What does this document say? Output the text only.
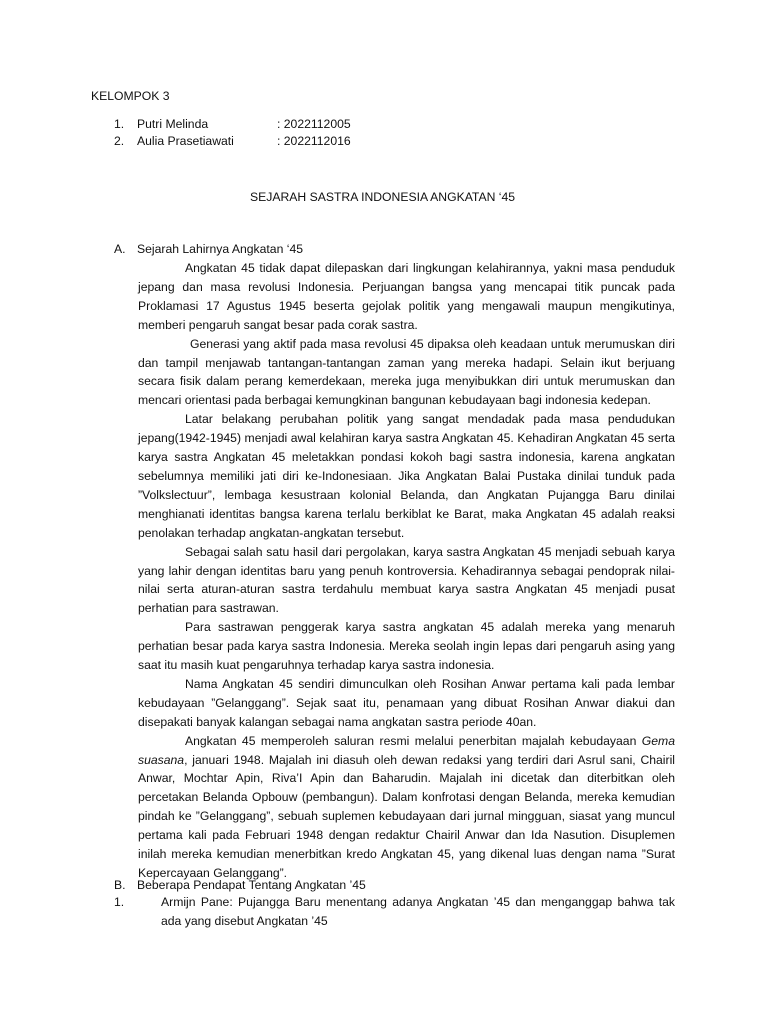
KELOMPOK 3
1. Putri Melinda	: 2022112005
2. Aulia Prasetiawati	: 2022112016
SEJARAH SASTRA INDONESIA ANGKATAN ‘45
A. Sejarah Lahirnya Angkatan ‘45

Angkatan 45 tidak dapat dilepaskan dari lingkungan kelahirannya, yakni masa penduduk jepang dan masa revolusi Indonesia. Perjuangan bangsa yang mencapai titik puncak pada Proklamasi 17 Agustus 1945 beserta gejolak politik yang mengawali maupun mengikutinya, memberi pengaruh sangat besar pada corak sastra.

Generasi yang aktif pada masa revolusi 45 dipaksa oleh keadaan untuk merumuskan diri dan tampil menjawab tantangan-tantangan zaman yang mereka hadapi. Selain ikut berjuang secara fisik dalam perang kemerdekaan, mereka juga menyibukkan diri untuk merumuskan dan mencari orientasi pada berbagai kemungkinan bangunan kebudayaan bagi indonesia kedepan.

Latar belakang perubahan politik yang sangat mendadak pada masa pendudukan jepang(1942-1945) menjadi awal kelahiran karya sastra Angkatan 45. Kehadiran Angkatan 45 serta karya sastra Angkatan 45 meletakkan pondasi kokoh bagi sastra indonesia, karena angkatan sebelumnya memiliki jati diri ke-Indonesiaan. Jika Angkatan Balai Pustaka dinilai tunduk pada ”Volkslectuur”, lembaga kesustraan kolonial Belanda, dan Angkatan Pujangga Baru dinilai menghianati identitas bangsa karena terlalu berkiblat ke Barat, maka Angkatan 45 adalah reaksi penolakan terhadap angkatan-angkatan tersebut.

Sebagai salah satu hasil dari pergolakan, karya sastra Angkatan 45 menjadi sebuah karya yang lahir dengan identitas baru yang penuh kontroversia. Kehadirannya sebagai pendoprak nilai-nilai serta aturan-aturan sastra terdahulu membuat karya sastra Angkatan 45 menjadi pusat perhatian para sastrawan.

Para sastrawan penggerak karya sastra angkatan 45 adalah mereka yang menaruh perhatian besar pada karya sastra Indonesia. Mereka seolah ingin lepas dari pengaruh asing yang saat itu masih kuat pengaruhnya terhadap karya sastra indonesia.

Nama Angkatan 45 sendiri dimunculkan oleh Rosihan Anwar pertama kali pada lembar kebudayaan ”Gelanggang”. Sejak saat itu, penamaan yang dibuat Rosihan Anwar diakui dan disepakati banyak kalangan sebagai nama angkatan sastra periode 40an.

Angkatan 45 memperoleh saluran resmi melalui penerbitan majalah kebudayaan Gema suasana, januari 1948. Majalah ini diasuh oleh dewan redaksi yang terdiri dari Asrul sani, Chairil Anwar, Mochtar Apin, Riva’I Apin dan Baharudin. Majalah ini dicetak dan diterbitkan oleh percetakan Belanda Opbouw (pembangun). Dalam konfrotasi dengan Belanda, mereka kemudian pindah ke ”Gelanggang”, sebuah suplemen kebudayaan dari jurnal mingguan, siasat yang muncul pertama kali pada Februari 1948 dengan redaktur Chairil Anwar dan Ida Nasution. Disuplemen inilah mereka kemudian menerbitkan kredo Angkatan 45, yang dikenal luas dengan nama ”Surat Kepercayaan Gelanggang”.

B. Beberapa Pendapat Tentang Angkatan ’45
1.	Armijn Pane: Pujangga Baru menentang adanya Angkatan ’45 dan menganggap bahwa tak ada yang disebut Angkatan ’45
